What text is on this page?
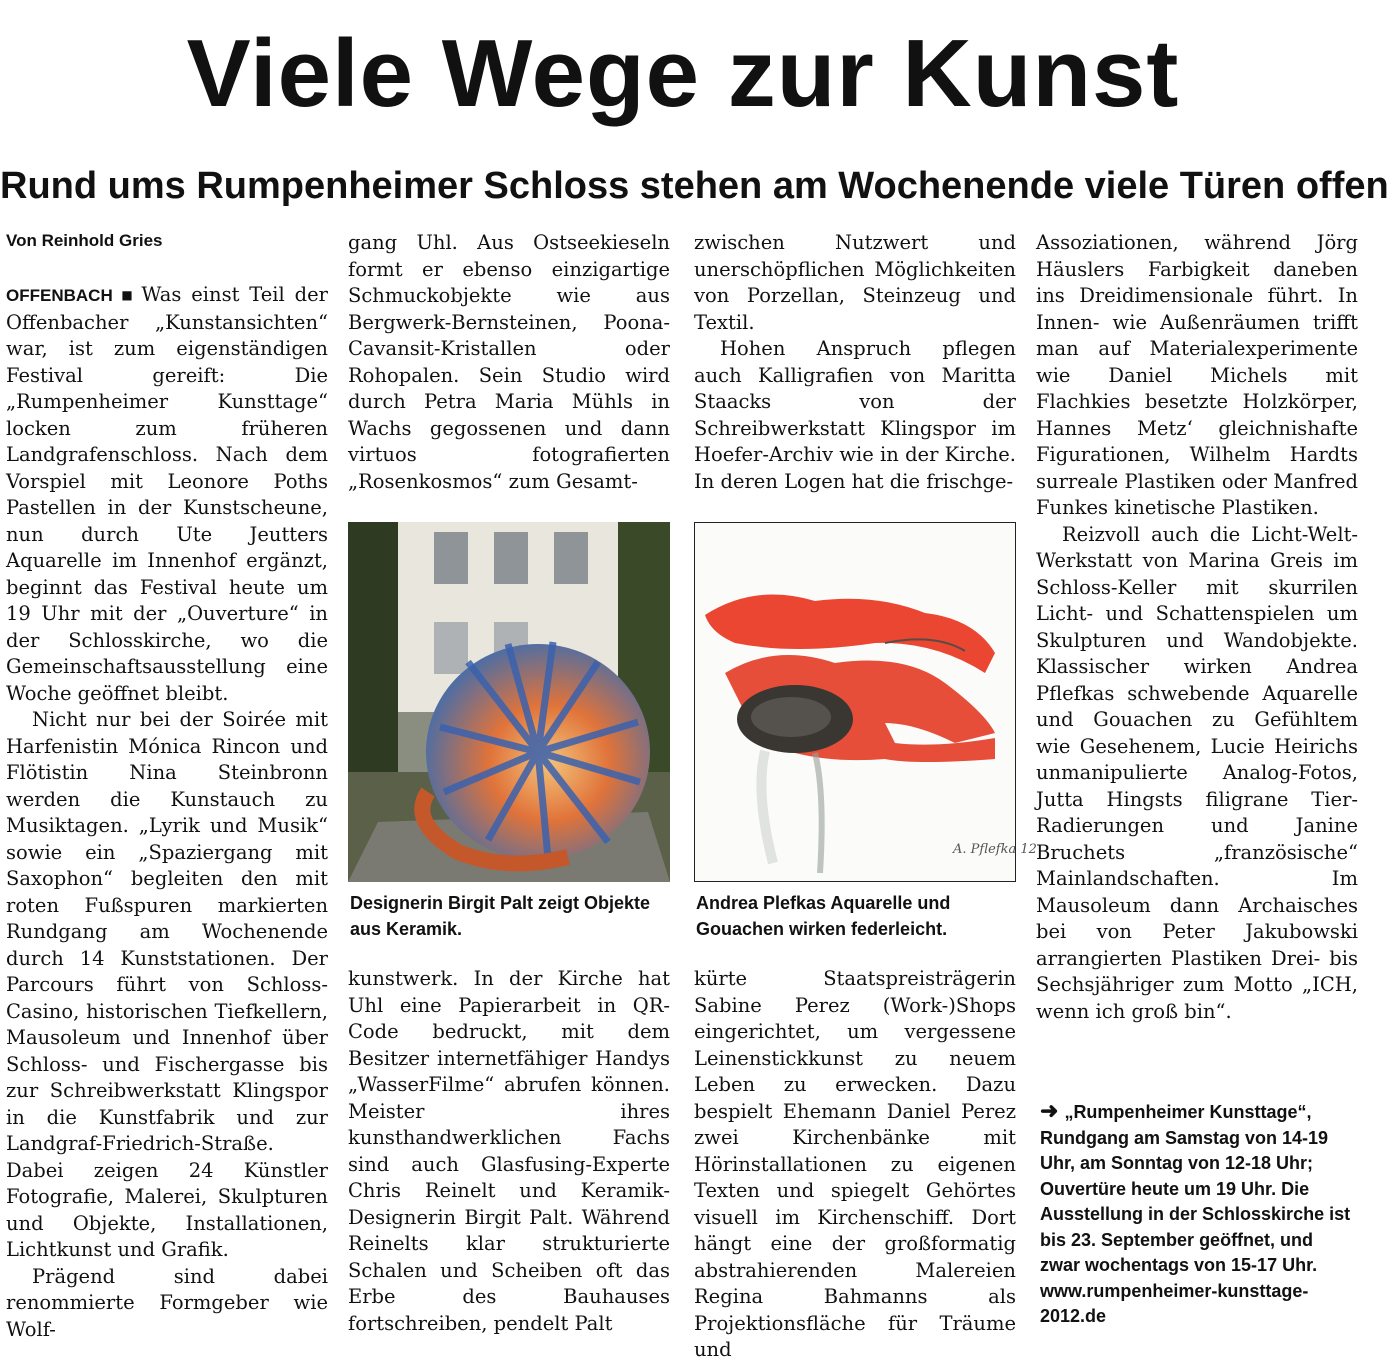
Viele Wege zur Kunst
Rund ums Rumpenheimer Schloss stehen am Wochenende viele Türen offen
Von Reinhold Gries

OFFENBACH ■ Was einst Teil der Offenbacher „Kunstansichten“ war, ist zum eigenständigen Festival gereift: Die „Rumpenheimer Kunsttage“ locken zum früheren Landgrafenschloss. Nach dem Vorspiel mit Leonore Poths Pastellen in der Kunstscheune, nun durch Ute Jeutters Aquarelle im Innenhof ergänzt, beginnt das Festival heute um 19 Uhr mit der „Ouverture“ in der Schlosskirche, wo die Gemeinschaftsausstellung eine Woche geöffnet bleibt.

Nicht nur bei der Soirée mit Harfenistin Mónica Rincon und Flötistin Nina Steinbronn werden die Kunstauch zu Musiktagen. „Lyrik und Musik“ sowie ein „Spaziergang mit Saxophon“ begleiten den mit roten Fußspuren markierten Rundgang am Wochenende durch 14 Kunststationen. Der Parcours führt von Schloss-Casino, historischen Tiefkellern, Mausoleum und Innenhof über Schloss- und Fischergasse bis zur Schreibwerkstatt Klingspor in die Kunstfabrik und zur Landgraf-Friedrich-Straße. Dabei zeigen 24 Künstler Fotografie, Malerei, Skulpturen und Objekte, Installationen, Lichtkunst und Grafik.

Prägend sind dabei renommierte Formgeber wie Wolf-

gang Uhl. Aus Ostseekieseln formt er ebenso einzigartige Schmuckobjekte wie aus Bergwerk-Bernsteinen, Poona-Cavansit-Kristallen oder Rohopalen. Sein Studio wird durch Petra Maria Mühls in Wachs gegossenen und dann virtuos fotografierten „Rosenkosmos“ zum Gesamt-

zwischen Nutzwert und unerschöpflichen Möglichkeiten von Porzellan, Steinzeug und Textil.

Hohen Anspruch pflegen auch Kalligrafien von Maritta Staacks von der Schreibwerkstatt Klingspor im Hoefer-Archiv wie in der Kirche. In deren Logen hat die frischge-

Designerin Birgit Palt zeigt Objekte aus Keramik.
A. Pflefka 12
Andrea Plefkas Aquarelle und Gouachen wirken federleicht.

kunstwerk. In der Kirche hat Uhl eine Papierarbeit in QR-Code bedruckt, mit dem Besitzer internetfähiger Handys „WasserFilme“ abrufen können. Meister ihres kunsthandwerklichen Fachs sind auch Glasfusing-Experte Chris Reinelt und Keramik-Designerin Birgit Palt. Während Reinelts klar strukturierte Schalen und Scheiben oft das Erbe des Bauhauses fortschreiben, pendelt Palt

kürte Staatspreisträgerin Sabine Perez (Work-)Shops eingerichtet, um vergessene Leinenstickkunst zu neuem Leben zu erwecken. Dazu bespielt Ehemann Daniel Perez zwei Kirchenbänke mit Hörinstallationen zu eigenen Texten und spiegelt Gehörtes visuell im Kirchenschiff. Dort hängt eine der großformatig abstrahierenden Malereien Regina Bahmanns als Projektionsfläche für Träume und

Assoziationen, während Jörg Häuslers Farbigkeit daneben ins Dreidimensionale führt. In Innen- wie Außenräumen trifft man auf Materialexperimente wie Daniel Michels mit Flachkies besetzte Holzkörper, Hannes Metz‘ gleichnishafte Figurationen, Wilhelm Hardts surreale Plastiken oder Manfred Funkes kinetische Plastiken.

Reizvoll auch die Licht-Welt-Werkstatt von Marina Greis im Schloss-Keller mit skurrilen Licht- und Schattenspielen um Skulpturen und Wandobjekte. Klassischer wirken Andrea Pflefkas schwebende Aquarelle und Gouachen zu Gefühltem wie Gesehenem, Lucie Heirichs unmanipulierte Analog-Fotos, Jutta Hingsts filigrane Tier-Radierungen und Janine Bruchets „französische“ Mainlandschaften. Im Mausoleum dann Archaisches bei von Peter Jakubowski arrangierten Plastiken Drei- bis Sechsjähriger zum Motto „ICH, wenn ich groß bin“.

➜ „Rumpenheimer Kunsttage“, Rundgang am Samstag von 14-19 Uhr, am Sonntag von 12-18 Uhr; Ouvertüre heute um 19 Uhr. Die Ausstellung in der Schlosskirche ist bis 23. September geöffnet, und zwar wochentags von 15-17 Uhr. www.rumpenheimer-kunsttage-2012.de
